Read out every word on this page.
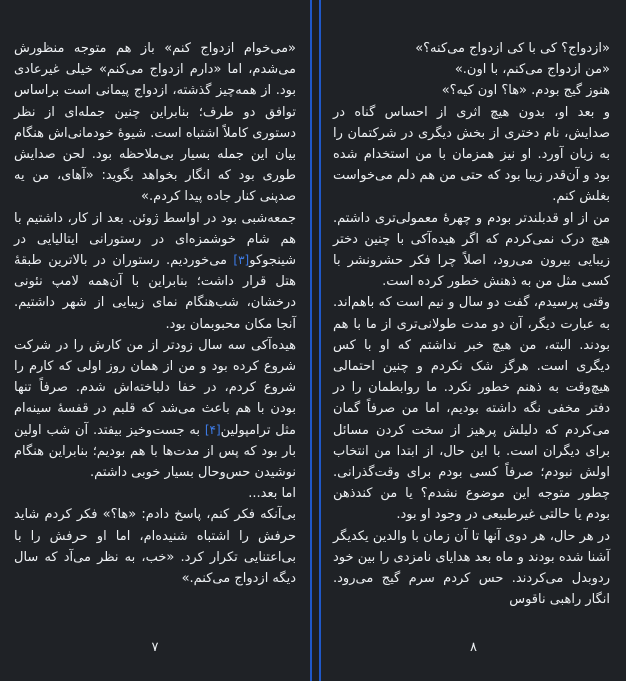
«می‌خوام ازدواج کنم» باز هم متوجه منظورش می‌شدم، اما «دارم ازدواج می‌کنم» خیلی غیرعادی بود. از همه‌چیز گذشته، ازدواج پیمانی است براساس توافق دو طرف؛ بنابراین چنین جمله‌ای از نظر دستوری کاملاً اشتباه است. شیوهٔ خودمانی‌اش هنگام بیان این جمله بسیار بی‌ملاحظه بود. لحن صدایش طوری بود که انگار بخواهد بگوید: «آهای، من یه صدپنی کنار جاده پیدا کردم.»

جمعه‌شبی بود در اواسط ژوئن. بعد از کار، داشتیم با هم شام خوشمزه‌ای در رستورانی ایتالیایی در شینجوکو[۳] می‌خوردیم. رستوران در بالاترین طبقهٔ هتل قرار داشت؛ بنابراین با آن‌همه لامپ نئونی درخشان، شب‌هنگام نمای زیبایی از شهر داشتیم. آنجا مکان محبوبمان بود.

هیده‌آکی سه سال زودتر از من کارش را در شرکت شروع کرده بود و من از همان روز اولی که کارم را شروع کردم، در خفا دلباخته‌اش شدم. صرفاً تنها بودن با هم باعث می‌شد که قلبم در قفسهٔ سینه‌ام مثل ترامپولین[۴] به جست‌وخیز بیفتد. آن شب اولین بار بود که پس از مدت‌ها با هم بودیم؛ بنابراین هنگام نوشیدن حس‌وحال بسیار خوبی داشتم.

اما بعد...

بی‌آنکه فکر کنم، پاسخ دادم: «ها؟» فکر کردم شاید حرفش را اشتباه شنیده‌ام، اما او حرفش را با بی‌اعتنایی تکرار کرد. «خب، به نظر می‌آد که سال دیگه ازدواج می‌کنم.»

۷

«ازدواج؟ کی با کی ازدواج می‌کنه؟»

«من ازدواج می‌کنم، با اون.»

هنوز گیج بودم. «ها؟ اون کیه؟»

و بعد او، بدون هیچ اثری از احساس گناه در صدایش، نام دختری از بخش دیگری در شرکتمان را به زبان آورد. او نیز همزمان با من استخدام شده بود و آن‌قدر زیبا بود که حتی من هم دلم می‌خواست بغلش کنم.

من از او قدبلندتر بودم و چهرهٔ معمولی‌تری داشتم. هیچ درک نمی‌کردم که اگر هیده‌آکی با چنین دختر زیبایی بیرون می‌رود، اصلاً چرا فکر حشرونشر با کسی مثل من به ذهنش خطور کرده است.

وقتی پرسیدم، گفت دو سال و نیم است که باهم‌اند. به عبارت دیگر، آن دو مدت طولانی‌تری از ما با هم بودند. البته، من هیچ خبر نداشتم که او با کس دیگری است. هرگز شک نکردم و چنین احتمالی هیچ‌وقت به ذهنم خطور نکرد. ما روابطمان را در دفتر مخفی نگه داشته بودیم، اما من صرفاً گمان می‌کردم که دلیلش پرهیز از سخت کردن مسائل برای دیگران است. با این حال، از ابتدا من انتخاب اولش نبودم؛ صرفاً کسی بودم برای وقت‌گذرانی. چطور متوجه این موضوع نشدم؟ یا من کندذهن بودم یا حالتی غیرطبیعی در وجود او بود.

در هر حال، هر دوی آنها تا آن زمان با والدین یکدیگر آشنا شده بودند و ماه بعد هدایای نامزدی را بین خود ردوبدل می‌کردند. حس کردم سرم گیج می‌رود. انگار راهبی ناقوس

۸
